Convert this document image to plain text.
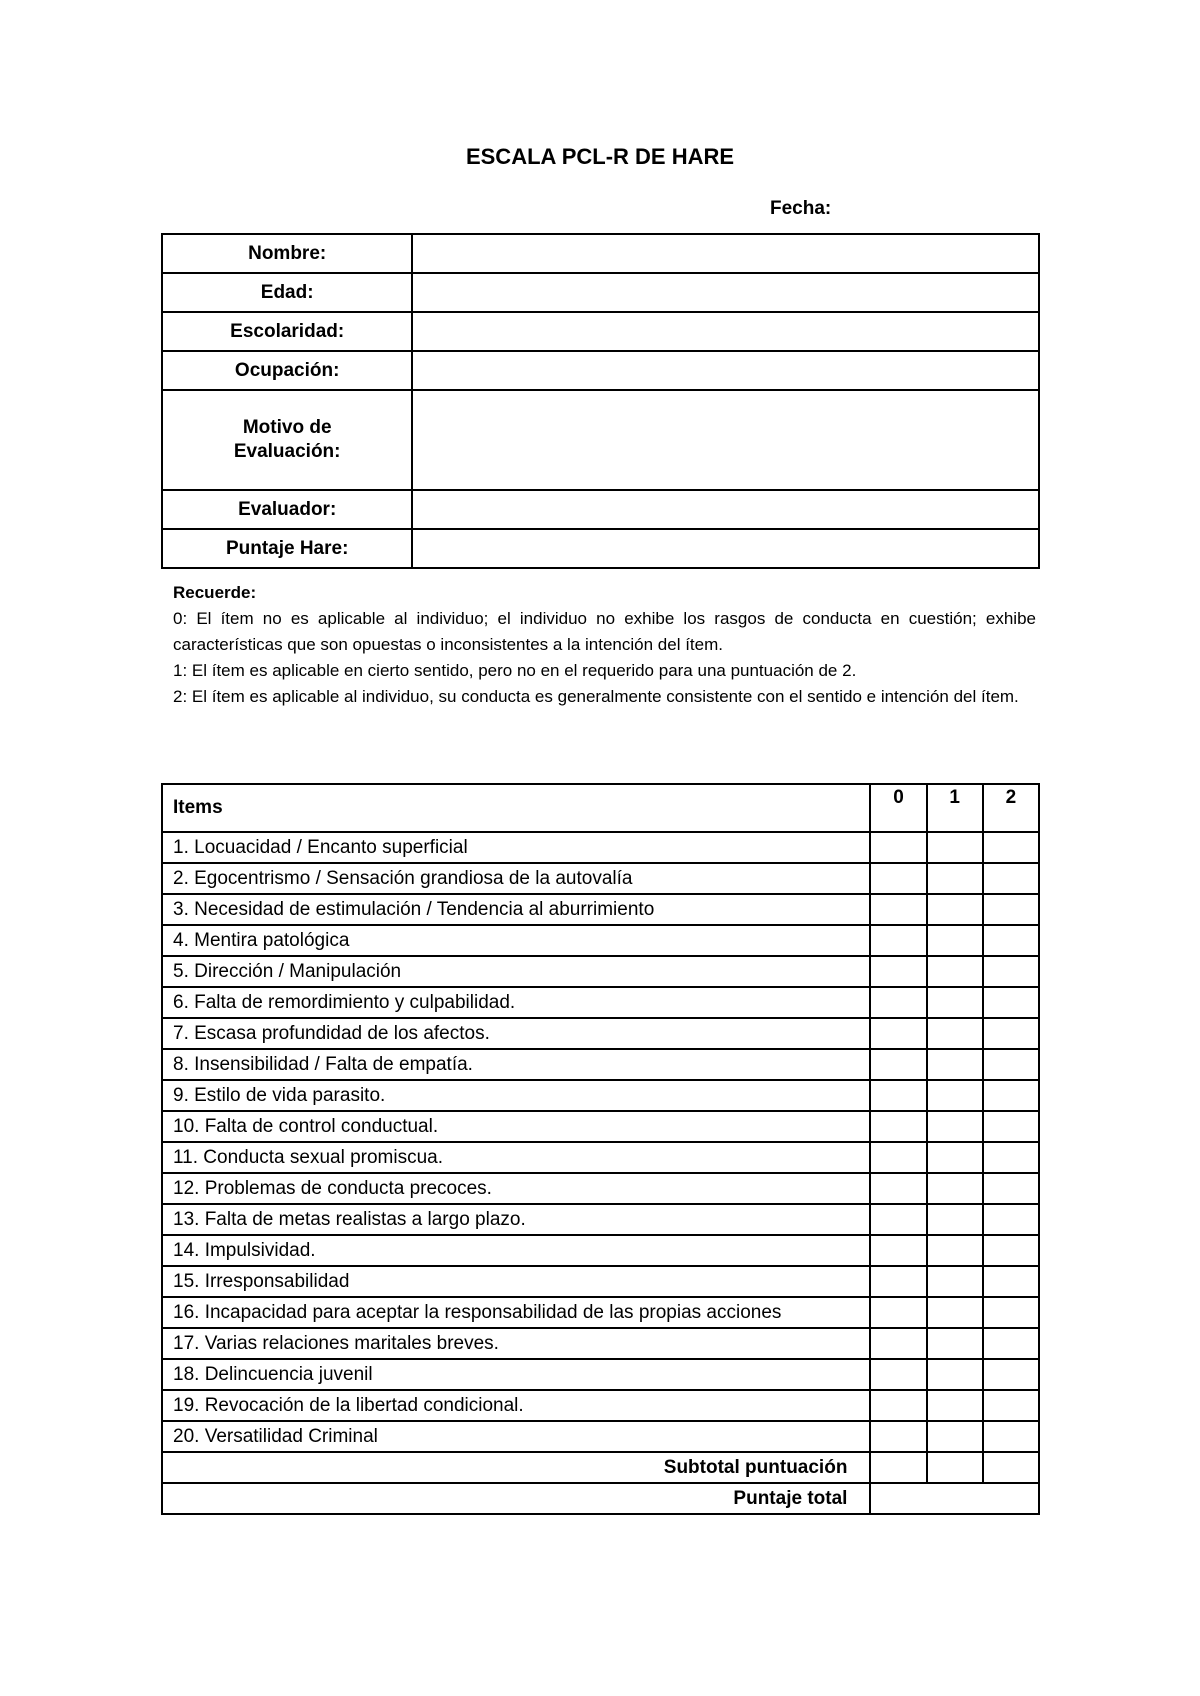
ESCALA PCL-R DE HARE
Fecha:
Nombre:	
Edad:	
Escolaridad:	
Ocupación:	
Motivo de Evaluación:	
Evaluador:	
Puntaje Hare:	

Recuerde:

0: El ítem no es aplicable al individuo; el individuo no exhibe los rasgos de conducta en cuestión; exhibe características que son opuestas o inconsistentes a la intención del ítem.

1: El ítem es aplicable en cierto sentido, pero no en el requerido para una puntuación de 2.

2: El ítem es aplicable al individuo, su conducta es generalmente consistente con el sentido e intención del ítem.

Items	0	1	2
1. Locuacidad / Encanto superficial			
2. Egocentrismo / Sensación grandiosa de la autovalía			
3. Necesidad de estimulación / Tendencia al aburrimiento			
4. Mentira patológica			
5. Dirección / Manipulación			
6. Falta de remordimiento y culpabilidad.			
7. Escasa profundidad de los afectos.			
8. Insensibilidad / Falta de empatía.			
9. Estilo de vida parasito.			
10. Falta de control conductual.			
11. Conducta sexual promiscua.			
12. Problemas de conducta precoces.			
13. Falta de metas realistas a largo plazo.			
14. Impulsividad.			
15. Irresponsabilidad			
16. Incapacidad para aceptar la responsabilidad de las propias acciones			
17. Varias relaciones maritales breves.			
18. Delincuencia juvenil			
19. Revocación de la libertad condicional.			
20. Versatilidad Criminal			
Subtotal puntuación			
Puntaje total			
